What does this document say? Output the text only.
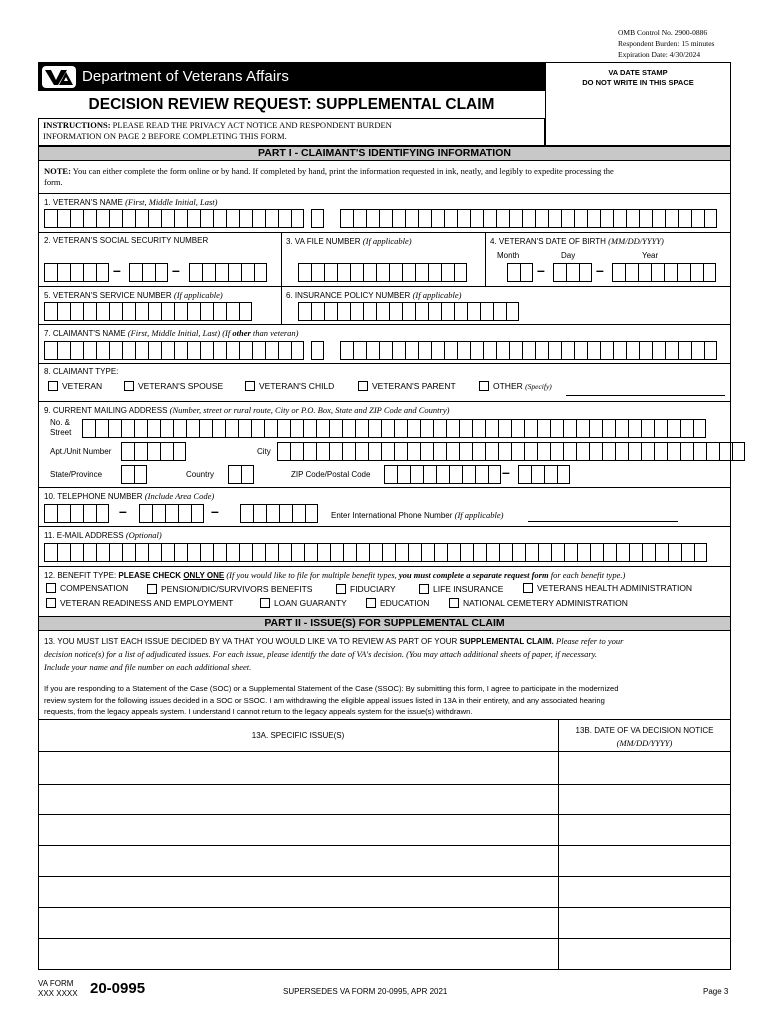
OMB Control No. 2900-0886
Respondent Burden: 15 minutes
Expiration Date: 4/30/2024
Department of Veterans Affairs	VA DATE STAMP
DO NOT WRITE IN THIS SPACE
DECISION REVIEW REQUEST: SUPPLEMENTAL CLAIM
INSTRUCTIONS: PLEASE READ THE PRIVACY ACT NOTICE AND RESPONDENT BURDEN
INFORMATION ON PAGE 2 BEFORE COMPLETING THIS FORM.
PART I - CLAIMANT'S IDENTIFYING INFORMATION
NOTE: You can either complete the form online or by hand. If completed by hand, print the information requested in ink, neatly, and legibly to expedite processing the
form.
1. VETERAN'S NAME (First, Middle Initial, Last)
2. VETERAN'S SOCIAL SECURITY NUMBER	3. VA FILE NUMBER (If applicable)	4. VETERAN'S DATE OF BIRTH (MM/DD/YYYY)
Month	Day	Year
–	–	–	–
5. VETERAN'S SERVICE NUMBER (If applicable)	6. INSURANCE POLICY NUMBER (If applicable)
7. CLAIMANT'S NAME (First, Middle Initial, Last) (If other than veteran)
8. CLAIMANT TYPE:
VETERAN	VETERAN'S SPOUSE	VETERAN'S CHILD	VETERAN'S PARENT	OTHER
(Specify)
9. CURRENT MAILING ADDRESS (Number, street or rural route, City or P.O. Box, State and ZIP Code and Country)
No. &
Street
Apt./Unit Number	City
State/Province	Country	ZIP Code/Postal Code	–
10. TELEPHONE NUMBER (Include Area Code)
–	–	Enter International Phone Number (If applicable)
11. E-MAIL ADDRESS (Optional)
12. BENEFIT TYPE: PLEASE CHECK ONLY ONE (If you would like to file for multiple benefit types, you must complete a separate request form for each benefit type.)
COMPENSATION	PENSION/DIC/SURVIVORS BENEFITS	FIDUCIARY	LIFE INSURANCE	VETERANS HEALTH ADMINISTRATION
VETERAN READINESS AND EMPLOYMENT	LOAN GUARANTY	EDUCATION	NATIONAL CEMETERY ADMINISTRATION
PART II - ISSUE(S) FOR SUPPLEMENTAL CLAIM
13. YOU MUST LIST EACH ISSUE DECIDED BY VA THAT YOU WOULD LIKE VA TO REVIEW AS PART OF YOUR SUPPLEMENTAL CLAIM. Please refer to your
decision notice(s) for a list of adjudicated issues. For each issue, please identify the date of VA's decision. (You may attach additional sheets of paper, if necessary.
Include your name and file number on each additional sheet.
If you are responding to a Statement of the Case (SOC) or a Supplemental Statement of the Case (SSOC): By submitting this form, I agree to participate in the modernized
review system for the following issues decided in a SOC or SSOC. I am withdrawing the eligible appeal issues listed in 13A in their entirety, and any associated hearing
requests, from the legacy appeals system. I understand I cannot return to the legacy appeals system for the issue(s) withdrawn.
13A. SPECIFIC ISSUE(S)
13B. DATE OF VA DECISION NOTICE
(MM/DD/YYYY)
VA FORM
XXX XXXX 20-0995	SUPERSEDES VA FORM 20-0995, APR 2021	Page 3
